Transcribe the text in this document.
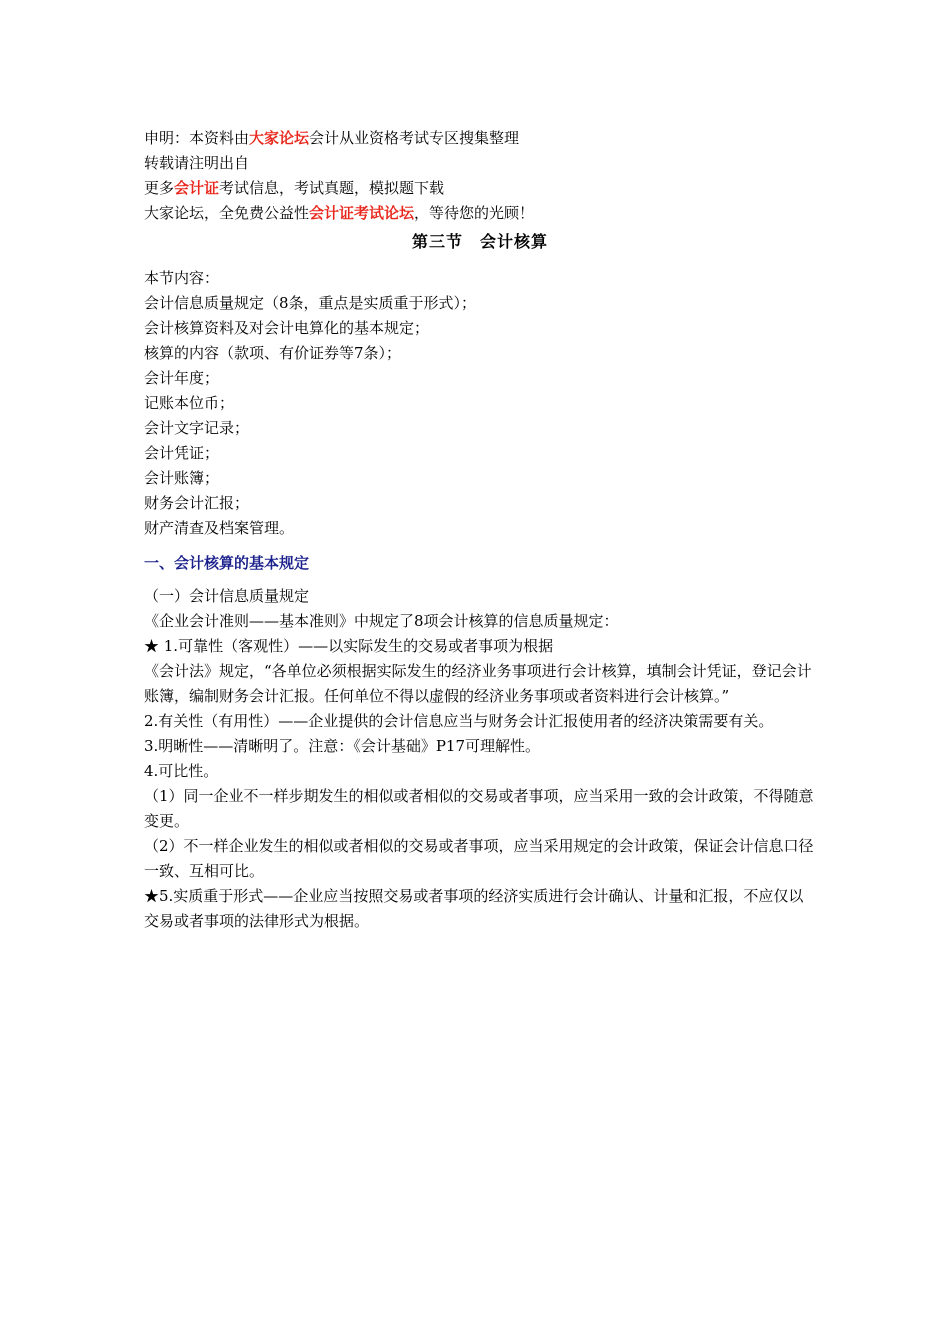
申明：本资料由大家论坛会计从业资格考试专区搜集整理
转载请注明出自
更多会计证考试信息，考试真题，模拟题下载
大家论坛，全免费公益性会计证考试论坛，等待您的光顾！
第三节　会计核算
本节内容：
会计信息质量规定（8条，重点是实质重于形式）；
会计核算资料及对会计电算化的基本规定；
核算的内容（款项、有价证券等7条）；
会计年度；
记账本位币；
会计文字记录；
会计凭证；
会计账簿；
财务会计汇报；
财产清查及档案管理。
一、会计核算的基本规定
（一）会计信息质量规定
《企业会计准则——基本准则》中规定了8项会计核算的信息质量规定：
★ 1.可靠性（客观性）——以实际发生的交易或者事项为根据
《会计法》规定，“各单位必须根据实际发生的经济业务事项进行会计核算，填制会计凭证，登记会计账簿，编制财务会计汇报。任何单位不得以虚假的经济业务事项或者资料进行会计核算。”
2.有关性（有用性）——企业提供的会计信息应当与财务会计汇报使用者的经济决策需要有关。
3.明晰性——清晰明了。注意：《会计基础》P17可理解性。
4.可比性。
（1）同一企业不一样步期发生的相似或者相似的交易或者事项，应当采用一致的会计政策，不得随意变更。
（2）不一样企业发生的相似或者相似的交易或者事项，应当采用规定的会计政策，保证会计信息口径一致、互相可比。
★5.实质重于形式——企业应当按照交易或者事项的经济实质进行会计确认、计量和汇报，不应仅以交易或者事项的法律形式为根据。
